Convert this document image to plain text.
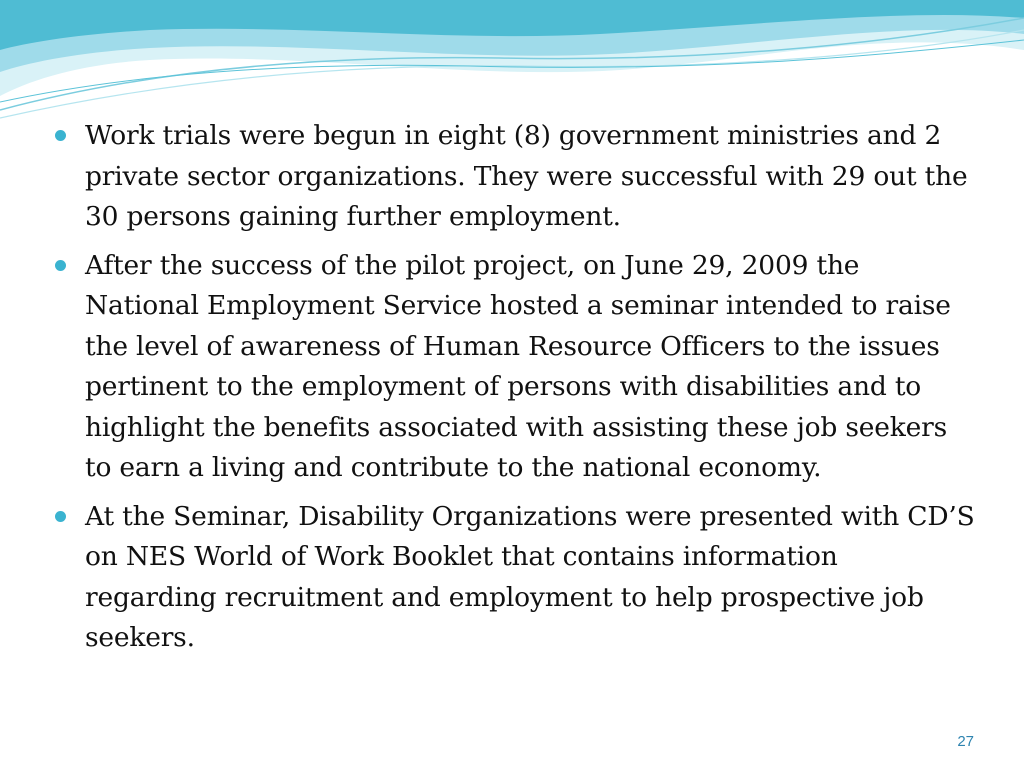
Work trials were begun in eight (8) government ministries and 2 private sector organizations. They were successful with 29 out the 30 persons gaining further employment.
After the success of the pilot project, on June 29, 2009 the National Employment Service hosted a seminar intended to raise the level of awareness of Human Resource Officers to the issues pertinent to the employment of persons with disabilities and to highlight the benefits associated with assisting these job seekers to earn a living and contribute to the national economy.
At the Seminar, Disability Organizations were presented with CD’S on NES World of Work Booklet that contains information regarding recruitment and employment to help prospective job seekers.
27
